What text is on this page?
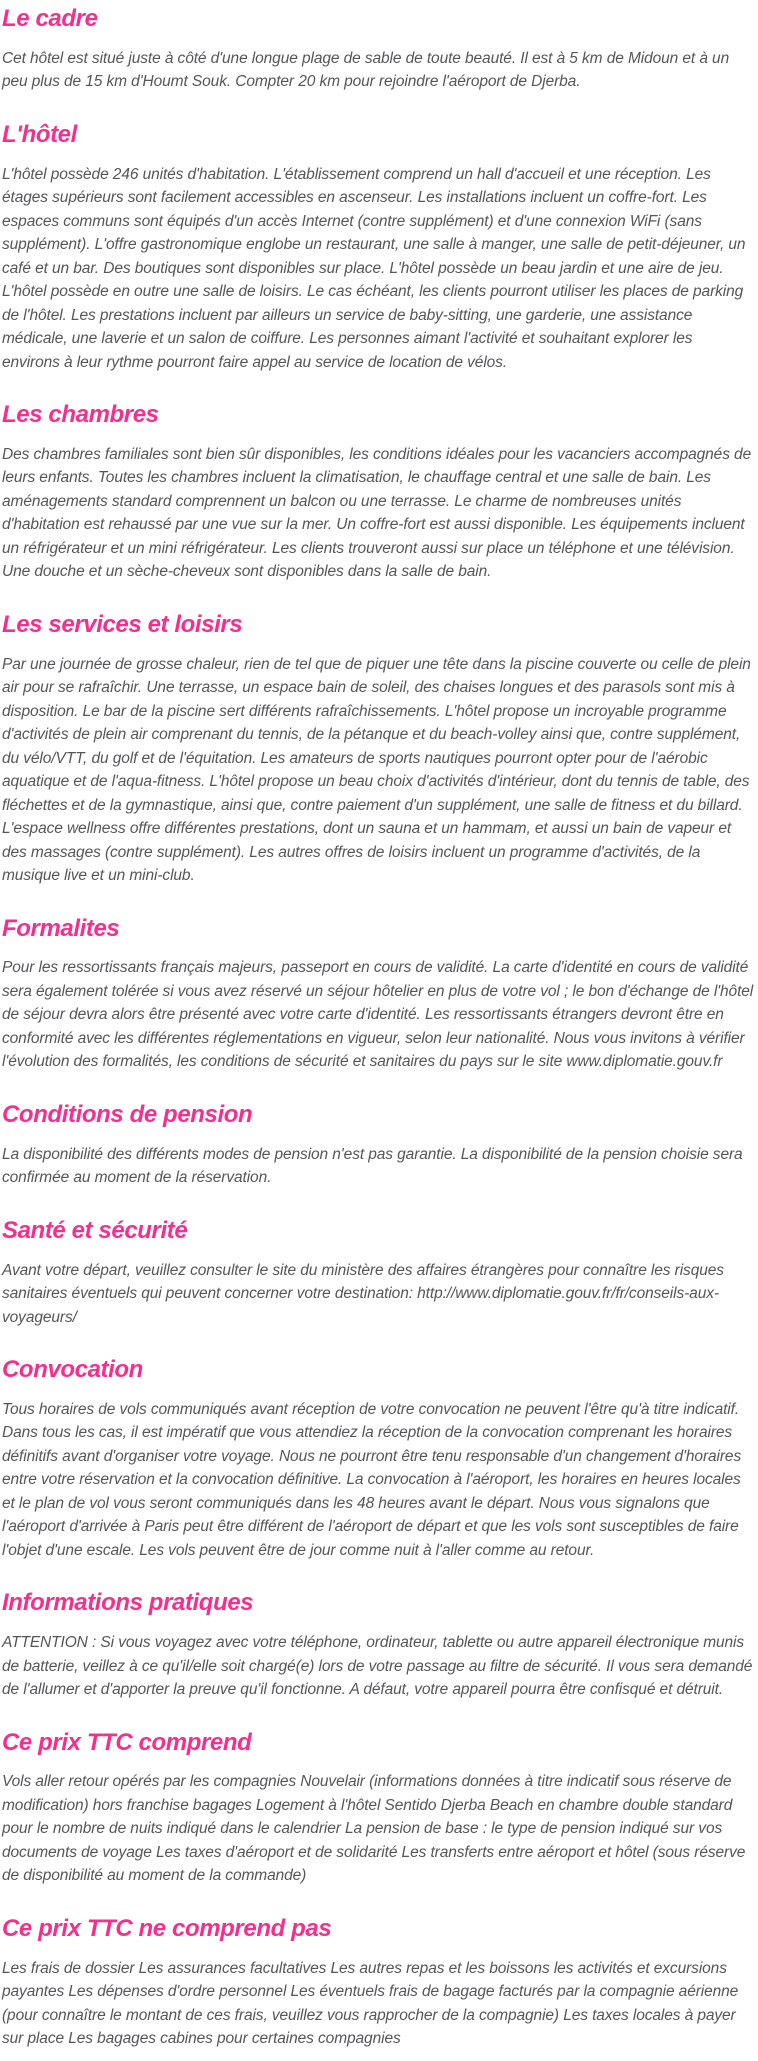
Le cadre

Cet hôtel est situé juste à côté d'une longue plage de sable de toute beauté. Il est à 5 km de Midoun et à un peu plus de 15 km d'Houmt Souk. Compter 20 km pour rejoindre l'aéroport de Djerba.

L'hôtel

L'hôtel possède 246 unités d'habitation. L'établissement comprend un hall d'accueil et une réception. Les étages supérieurs sont facilement accessibles en ascenseur. Les installations incluent un coffre-fort. Les espaces communs sont équipés d'un accès Internet (contre supplément) et d'une connexion WiFi (sans supplément). L'offre gastronomique englobe un restaurant, une salle à manger, une salle de petit-déjeuner, un café et un bar. Des boutiques sont disponibles sur place. L'hôtel possède un beau jardin et une aire de jeu. L'hôtel possède en outre une salle de loisirs. Le cas échéant, les clients pourront utiliser les places de parking de l'hôtel. Les prestations incluent par ailleurs un service de baby-sitting, une garderie, une assistance médicale, une laverie et un salon de coiffure. Les personnes aimant l'activité et souhaitant explorer les environs à leur rythme pourront faire appel au service de location de vélos.

Les chambres

Des chambres familiales sont bien sûr disponibles, les conditions idéales pour les vacanciers accompagnés de leurs enfants. Toutes les chambres incluent la climatisation, le chauffage central et une salle de bain. Les aménagements standard comprennent un balcon ou une terrasse. Le charme de nombreuses unités d'habitation est rehaussé par une vue sur la mer. Un coffre-fort est aussi disponible. Les équipements incluent un réfrigérateur et un mini réfrigérateur. Les clients trouveront aussi sur place un téléphone et une télévision. Une douche et un sèche-cheveux sont disponibles dans la salle de bain.

Les services et loisirs

Par une journée de grosse chaleur, rien de tel que de piquer une tête dans la piscine couverte ou celle de plein air pour se rafraîchir. Une terrasse, un espace bain de soleil, des chaises longues et des parasols sont mis à disposition. Le bar de la piscine sert différents rafraîchissements. L'hôtel propose un incroyable programme d'activités de plein air comprenant du tennis, de la pétanque et du beach-volley ainsi que, contre supplément, du vélo/VTT, du golf et de l'équitation. Les amateurs de sports nautiques pourront opter pour de l'aérobic aquatique et de l'aqua-fitness. L'hôtel propose un beau choix d'activités d'intérieur, dont du tennis de table, des fléchettes et de la gymnastique, ainsi que, contre paiement d'un supplément, une salle de fitness et du billard. L'espace wellness offre différentes prestations, dont un sauna et un hammam, et aussi un bain de vapeur et des massages (contre supplément). Les autres offres de loisirs incluent un programme d'activités, de la musique live et un mini-club.

Formalites

Pour les ressortissants français majeurs, passeport en cours de validité. La carte d'identité en cours de validité sera également tolérée si vous avez réservé un séjour hôtelier en plus de votre vol ; le bon d'échange de l'hôtel de séjour devra alors être présenté avec votre carte d'identité. Les ressortissants étrangers devront être en conformité avec les différentes réglementations en vigueur, selon leur nationalité. Nous vous invitons à vérifier l'évolution des formalités, les conditions de sécurité et sanitaires du pays sur le site www.diplomatie.gouv.fr

Conditions de pension

La disponibilité des différents modes de pension n'est pas garantie. La disponibilité de la pension choisie sera confirmée au moment de la réservation.

Santé et sécurité

Avant votre départ, veuillez consulter le site du ministère des affaires étrangères pour connaître les risques sanitaires éventuels qui peuvent concerner votre destination: http://www.diplomatie.gouv.fr/fr/conseils-aux-voyageurs/

Convocation

Tous horaires de vols communiqués avant réception de votre convocation ne peuvent l'être qu'à titre indicatif. Dans tous les cas, il est impératif que vous attendiez la réception de la convocation comprenant les horaires définitifs avant d'organiser votre voyage. Nous ne pourront être tenu responsable d'un changement d'horaires entre votre réservation et la convocation définitive. La convocation à l'aéroport, les horaires en heures locales et le plan de vol vous seront communiqués dans les 48 heures avant le départ. Nous vous signalons que l'aéroport d'arrivée à Paris peut être différent de l'aéroport de départ et que les vols sont susceptibles de faire l'objet d'une escale. Les vols peuvent être de jour comme nuit à l'aller comme au retour.

Informations pratiques

ATTENTION : Si vous voyagez avec votre téléphone, ordinateur, tablette ou autre appareil électronique munis de batterie, veillez à ce qu'il/elle soit chargé(e) lors de votre passage au filtre de sécurité. Il vous sera demandé de l'allumer et d'apporter la preuve qu'il fonctionne. A défaut, votre appareil pourra être confisqué et détruit.

Ce prix TTC comprend

Vols aller retour opérés par les compagnies Nouvelair (informations données à titre indicatif sous réserve de modification) hors franchise bagages Logement à l'hôtel Sentido Djerba Beach en chambre double standard pour le nombre de nuits indiqué dans le calendrier La pension de base : le type de pension indiqué sur vos documents de voyage Les taxes d'aéroport et de solidarité Les transferts entre aéroport et hôtel (sous réserve de disponibilité au moment de la commande)

Ce prix TTC ne comprend pas

Les frais de dossier Les assurances facultatives Les autres repas et les boissons les activités et excursions payantes Les dépenses d'ordre personnel Les éventuels frais de bagage facturés par la compagnie aérienne (pour connaître le montant de ces frais, veuillez vous rapprocher de la compagnie) Les taxes locales à payer sur place Les bagages cabines pour certaines compagnies
